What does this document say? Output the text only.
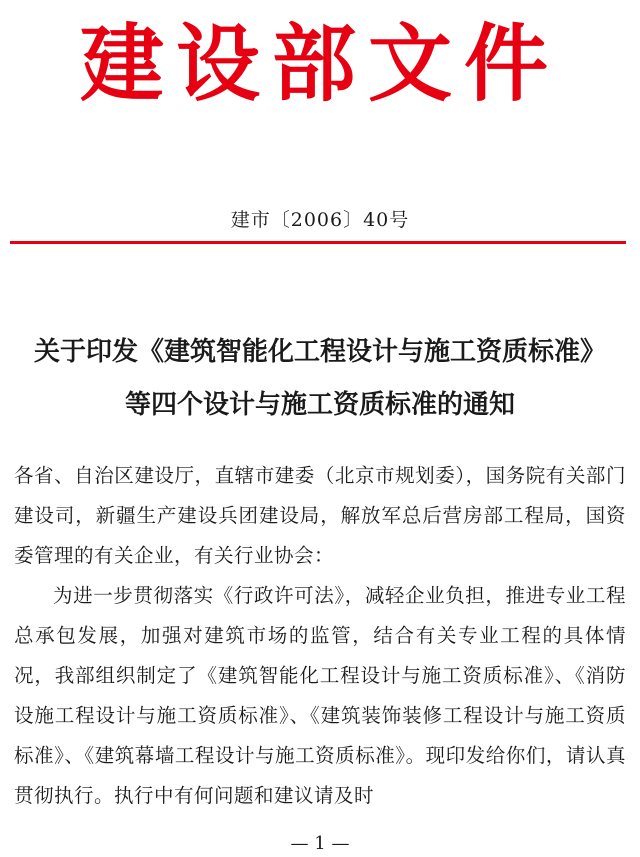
建设部文件
建市〔2006〕40号
关于印发《建筑智能化工程设计与施工资质标准》
等四个设计与施工资质标准的通知

各省、自治区建设厅，直辖市建委（北京市规划委），国务院有关部门建设司，新疆生产建设兵团建设局，解放军总后营房部工程局，国资委管理的有关企业，有关行业协会：

为进一步贯彻落实《行政许可法》，减轻企业负担，推进专业工程总承包发展，加强对建筑市场的监管，结合有关专业工程的具体情况，我部组织制定了《建筑智能化工程设计与施工资质标准》、《消防设施工程设计与施工资质标准》、《建筑装饰装修工程设计与施工资质标准》、《建筑幕墙工程设计与施工资质标准》。现印发给你们，请认真贯彻执行。执行中有何问题和建议请及时

— 1 —
